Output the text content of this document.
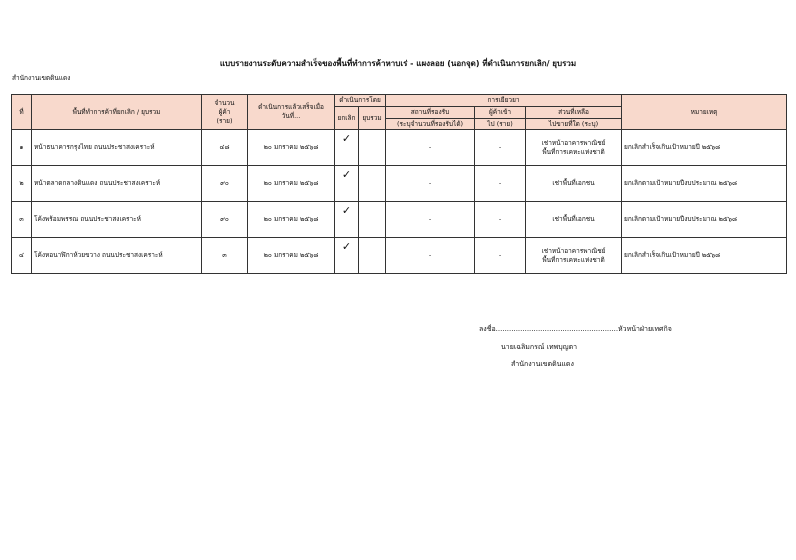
แบบรายงานระดับความสำเร็จของพื้นที่ทำการค้าหาบเร่ - แผงลอย (นอกจุด) ที่ดำเนินการยกเลิก/ ยุบรวม
สำนักงานเขตดินแดง
ที่	พื้นที่ทำการค้าที่ยกเลิก / ยุบรวม	จำนวน
ผู้ค้า
(ราย)	ดำเนินการแล้วเสร็จเมื่อ
วันที่...	ดำเนินการโดย		การเยียวยา			หมายเหตุ
				ยกเลิก	ยุบรวม	สถานที่รองรับ	ผู้ค้าเข้า	ส่วนที่เหลือ	
						(ระบุจำนวนที่รองรับได้)	ไป (ราย)	ไปขายที่ใด (ระบุ)	
๑	หน้าธนาคารกรุงไทย ถนนประชาสงเคราะห์	๔๘	๒๐ มกราคม ๒๕๖๘	✓		-	-	เช่าหน้าอาคารพาณิชย์
พื้นที่การเคหะแห่งชาติ	ยกเลิกสำเร็จเกินเป้าหมายปี ๒๕๖๘
๒	หน้าตลาดกลางดินแดง ถนนประชาสงเคราะห์	๙๐	๒๐ มกราคม ๒๕๖๘	✓		-	-	เช่าพื้นที่เอกชน	ยกเลิกตามเป้าหมายปีงบประมาณ ๒๕๖๘
๓	โค้งพร้อมพรรณ ถนนประชาสงเคราะห์	๙๐	๒๐ มกราคม ๒๕๖๘	✓		-	-	เช่าพื้นที่เอกชน	ยกเลิกตามเป้าหมายปีงบประมาณ ๒๕๖๘
๔	โค้งหอนาฬิกาห้วยขวาง ถนนประชาสงเคราะห์	๓	๒๐ มกราคม ๒๕๖๘	✓		-	-	เช่าหน้าอาคารพาณิชย์
พื้นที่การเคหะแห่งชาติ	ยกเลิกสำเร็จเกินเป้าหมายปี ๒๕๖๘
ลงชื่อ.......................................................หัวหน้าฝ่ายเทศกิจ
นายเฉลิมกรณ์ เทพบุญตา
สำนักงานเขตดินแดง
